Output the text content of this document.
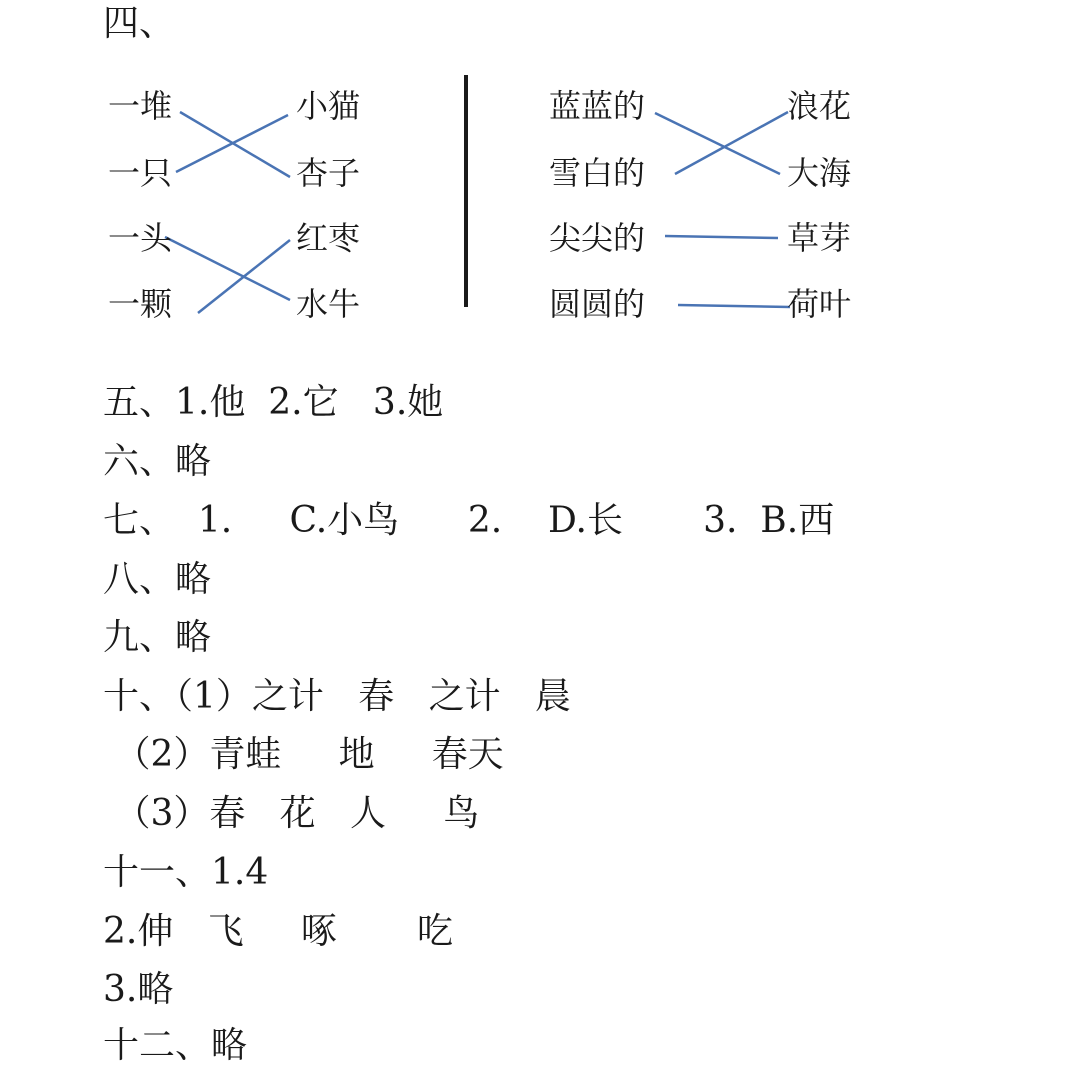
四、
一堆
一只
一头
一颗
小猫
杏子
红枣
水牛
蓝蓝的
雪白的
尖尖的
圆圆的
浪花
大海
草芽
荷叶
五、1.他  2.它   3.她
六、略
七、  1.     C.小鸟      2.    D.长       3.  B.西
八、略
九、略
十、（1）之计   春   之计   晨
（2）青蛙     地     春天
（3）春   花   人     鸟
十一、1.4
2.伸   飞     啄       吃
3.略
十二、略
